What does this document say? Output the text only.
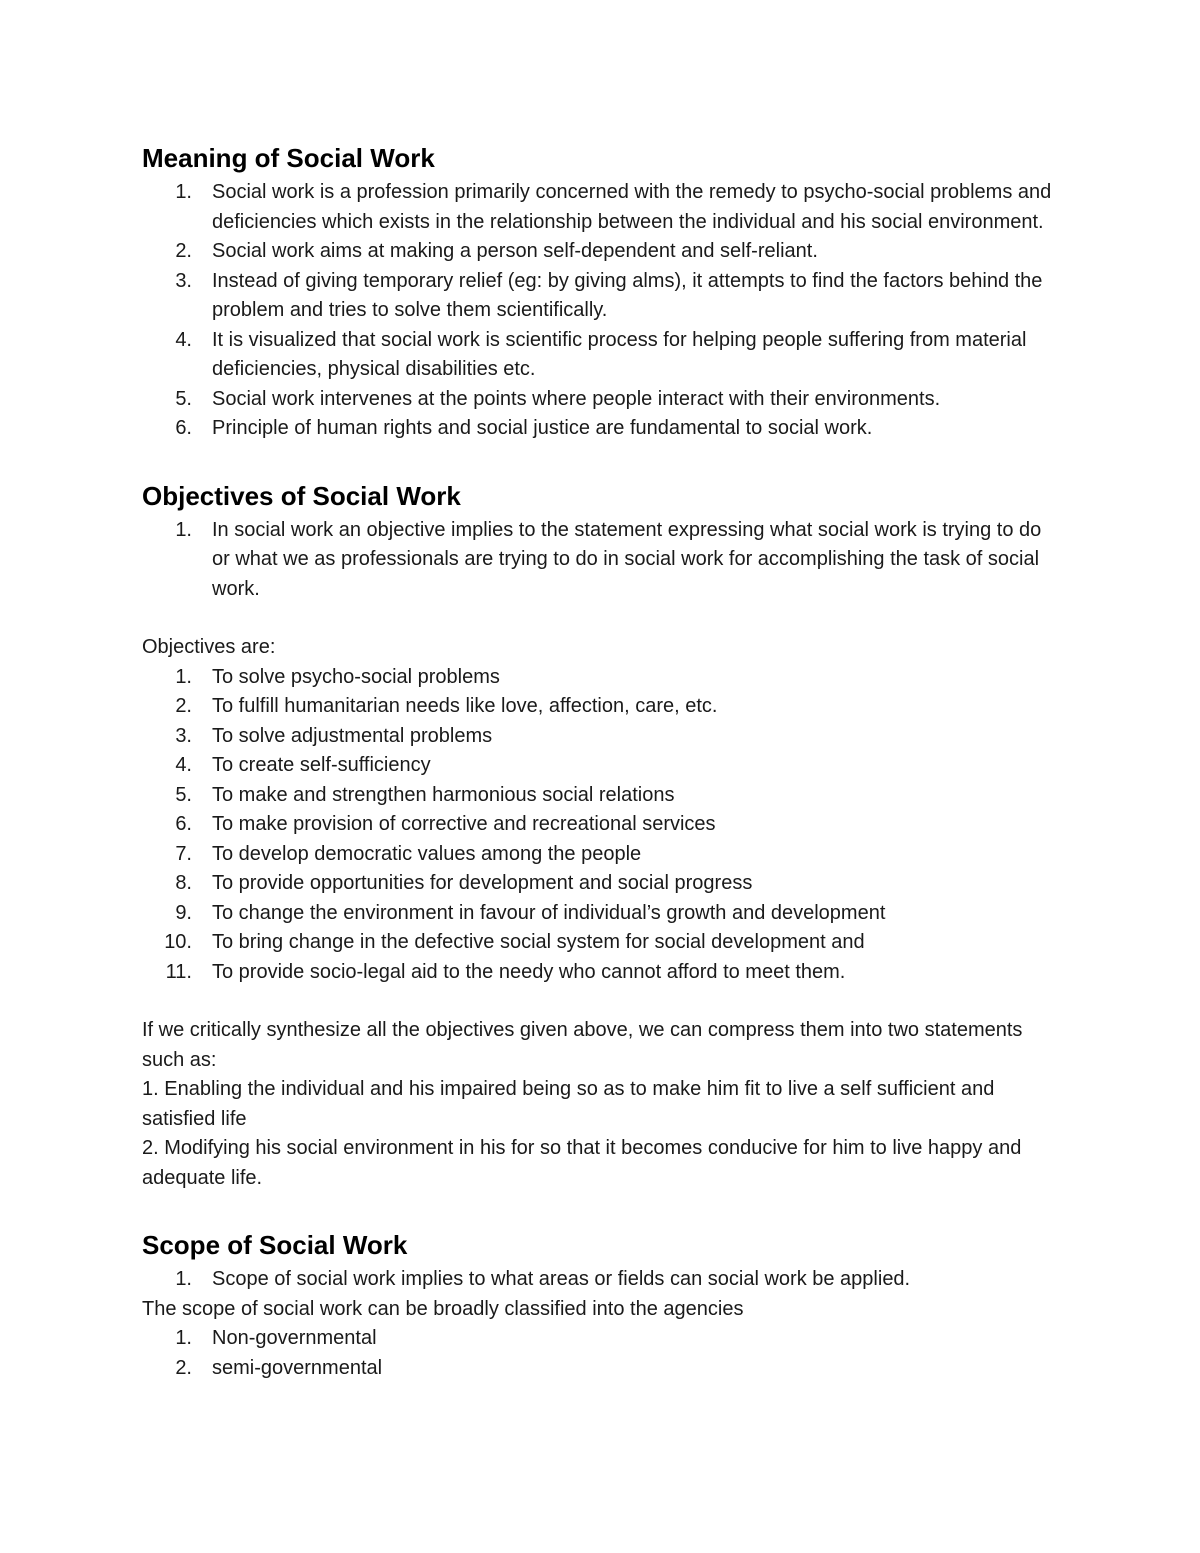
Meaning of Social Work
1. Social work is a profession primarily concerned with the remedy to psycho-social problems and deficiencies which exists in the relationship between the individual and his social environment.
2. Social work aims at making a person self-dependent and self-reliant.
3. Instead of giving temporary relief (eg: by giving alms), it attempts to find the factors behind the problem and tries to solve them scientifically.
4. It is visualized that social work is scientific process for helping people suffering from material deficiencies, physical disabilities etc.
5. Social work intervenes at the points where people interact with their environments.
6. Principle of human rights and social justice are fundamental to social work.
Objectives of Social Work
1. In social work an objective implies to the statement expressing what social work is trying to do or what we as professionals are trying to do in social work for accomplishing the task of social work.

Objectives are:

1. To solve psycho-social problems
2. To fulfill humanitarian needs like love, affection, care, etc.
3. To solve adjustmental problems
4. To create self-sufficiency
5. To make and strengthen harmonious social relations
6. To make provision of corrective and recreational services
7. To develop democratic values among the people
8. To provide opportunities for development and social progress
9. To change the environment in favour of individual’s growth and development
10. To bring change in the defective social system for social development and
11. To provide socio-legal aid to the needy who cannot afford to meet them.

If we critically synthesize all the objectives given above, we can compress them into two statements such as:

1. Enabling the individual and his impaired being so as to make him fit to live a self sufficient and satisfied life

2. Modifying his social environment in his for so that it becomes conducive for him to live happy and adequate life.

Scope of Social Work
1. Scope of social work implies to what areas or fields can social work be applied.

The scope of social work can be broadly classified into the agencies

1. Non-governmental
2. semi-governmental
